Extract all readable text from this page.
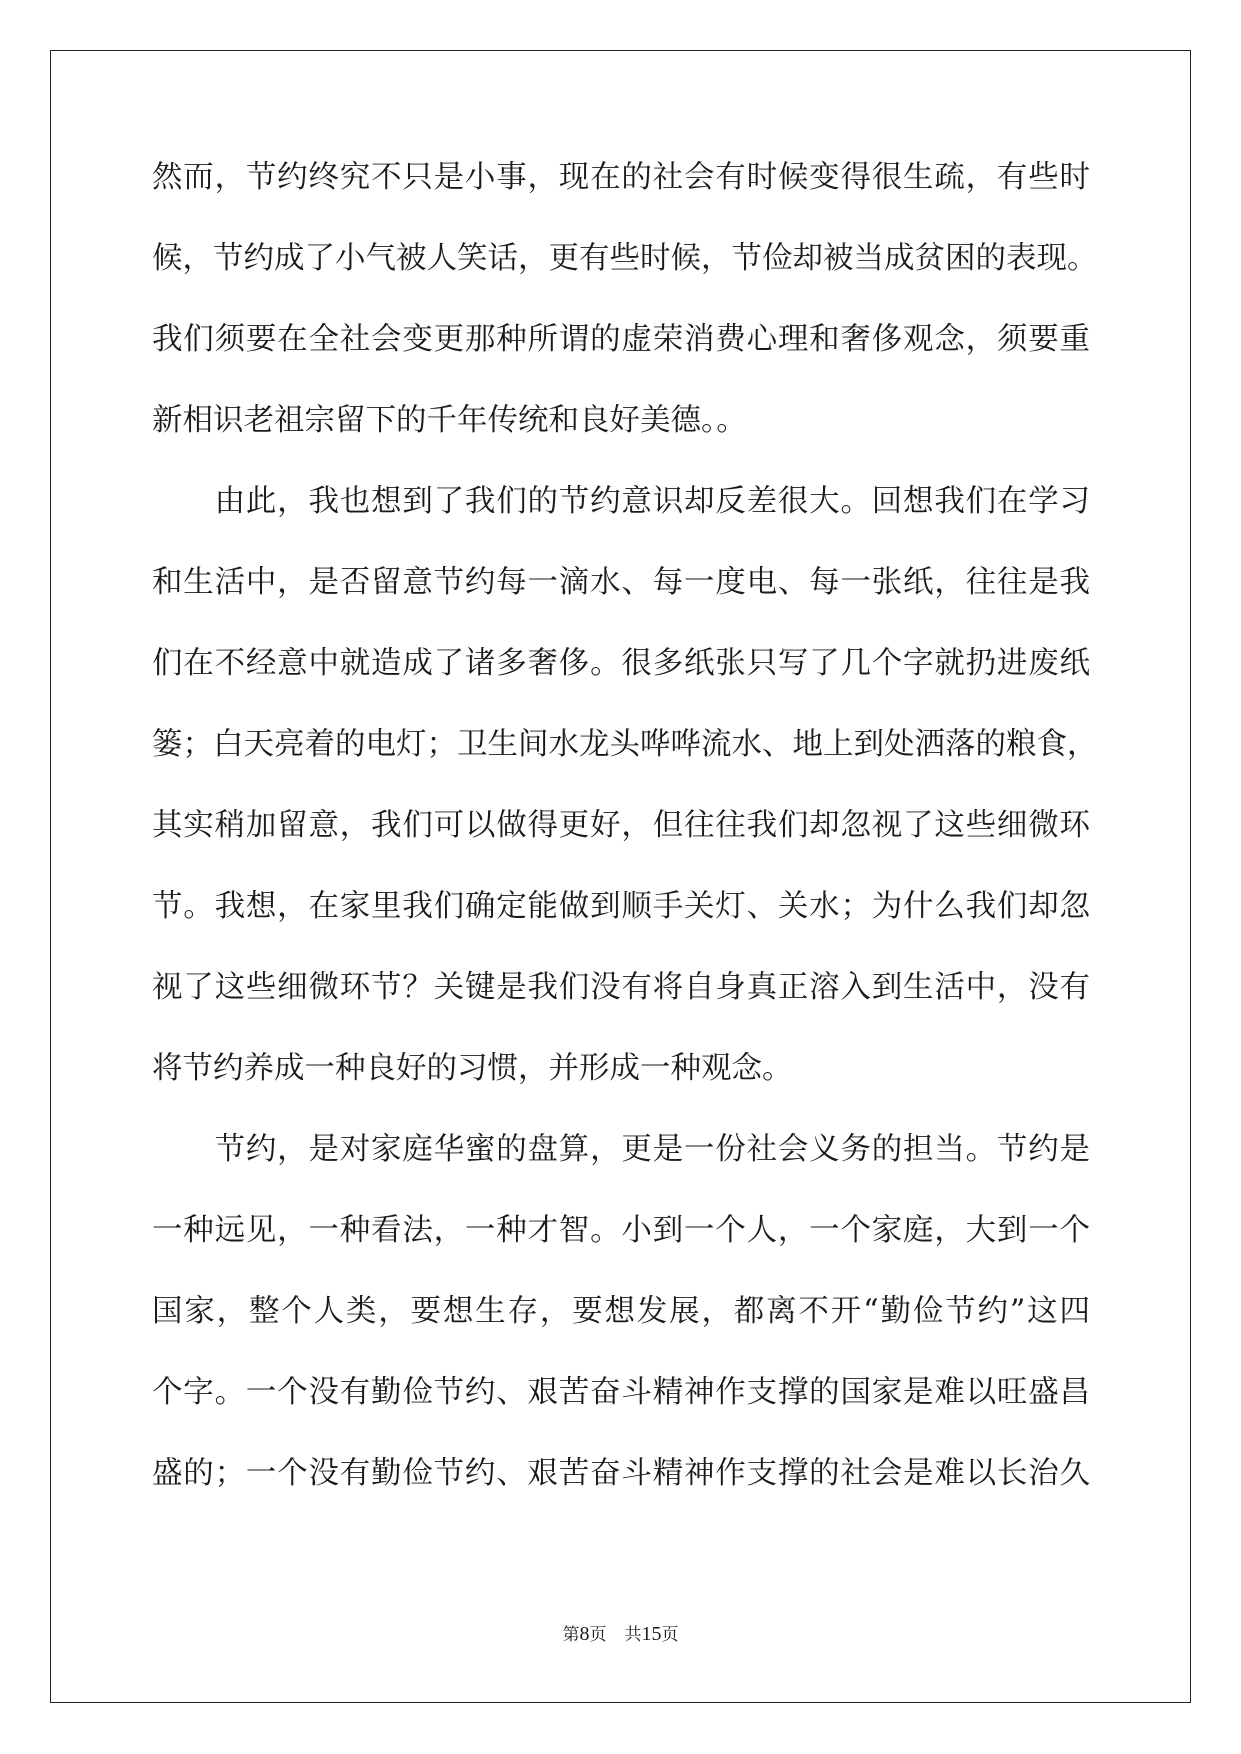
然而，节约终究不只是小事，现在的社会有时候变得很生疏，有些时

候，节约成了小气被人笑话，更有些时候，节俭却被当成贫困的表现。

我们须要在全社会变更那种所谓的虚荣消费心理和奢侈观念，须要重

新相识老祖宗留下的千年传统和良好美德。。

　　由此，我也想到了我们的节约意识却反差很大。回想我们在学习

和生活中，是否留意节约每一滴水、每一度电、每一张纸，往往是我

们在不经意中就造成了诸多奢侈。很多纸张只写了几个字就扔进废纸

篓；白天亮着的电灯；卫生间水龙头哗哗流水、地上到处洒落的粮食，

其实稍加留意，我们可以做得更好，但往往我们却忽视了这些细微环

节。我想，在家里我们确定能做到顺手关灯、关水；为什么我们却忽

视了这些细微环节？关键是我们没有将自身真正溶入到生活中，没有

将节约养成一种良好的习惯，并形成一种观念。

　　节约，是对家庭华蜜的盘算，更是一份社会义务的担当。节约是

一种远见，一种看法，一种才智。小到一个人，一个家庭，大到一个

国家，整个人类，要想生存，要想发展，都离不开“勤俭节约”这四

个字。一个没有勤俭节约、艰苦奋斗精神作支撑的国家是难以旺盛昌

盛的；一个没有勤俭节约、艰苦奋斗精神作支撑的社会是难以长治久

第8页 共15页
